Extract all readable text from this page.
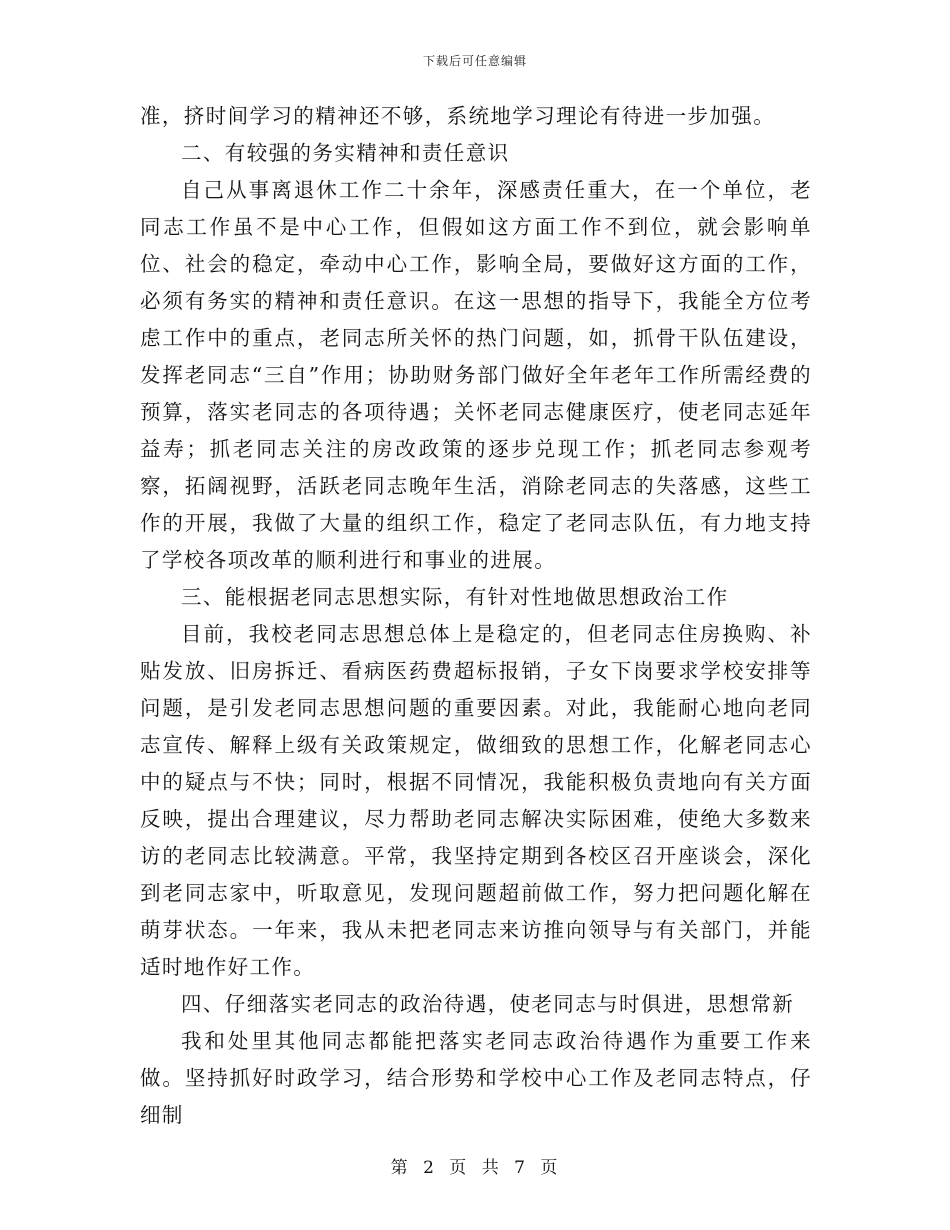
下载后可任意编辑

准，挤时间学习的精神还不够，系统地学习理论有待进一步加强。

二、有较强的务实精神和责任意识

自己从事离退休工作二十余年，深感责任重大，在一个单位，老同志工作虽不是中心工作，但假如这方面工作不到位，就会影响单位、社会的稳定，牵动中心工作，影响全局，要做好这方面的工作，必须有务实的精神和责任意识。在这一思想的指导下，我能全方位考虑工作中的重点，老同志所关怀的热门问题，如，抓骨干队伍建设，发挥老同志“三自”作用；协助财务部门做好全年老年工作所需经费的预算，落实老同志的各项待遇；关怀老同志健康医疗，使老同志延年益寿；抓老同志关注的房改政策的逐步兑现工作；抓老同志参观考察，拓阔视野，活跃老同志晚年生活，消除老同志的失落感，这些工作的开展，我做了大量的组织工作，稳定了老同志队伍，有力地支持了学校各项改革的顺利进行和事业的进展。

三、能根据老同志思想实际，有针对性地做思想政治工作

目前，我校老同志思想总体上是稳定的，但老同志住房换购、补贴发放、旧房拆迁、看病医药费超标报销，子女下岗要求学校安排等问题，是引发老同志思想问题的重要因素。对此，我能耐心地向老同志宣传、解释上级有关政策规定，做细致的思想工作，化解老同志心中的疑点与不快；同时，根据不同情况，我能积极负责地向有关方面反映，提出合理建议，尽力帮助老同志解决实际困难，使绝大多数来访的老同志比较满意。平常，我坚持定期到各校区召开座谈会，深化到老同志家中，听取意见，发现问题超前做工作，努力把问题化解在萌芽状态。一年来，我从未把老同志来访推向领导与有关部门，并能适时地作好工作。

四、仔细落实老同志的政治待遇，使老同志与时俱进，思想常新

我和处里其他同志都能把落实老同志政治待遇作为重要工作来做。坚持抓好时政学习，结合形势和学校中心工作及老同志特点，仔细制

第 2 页 共 7 页
